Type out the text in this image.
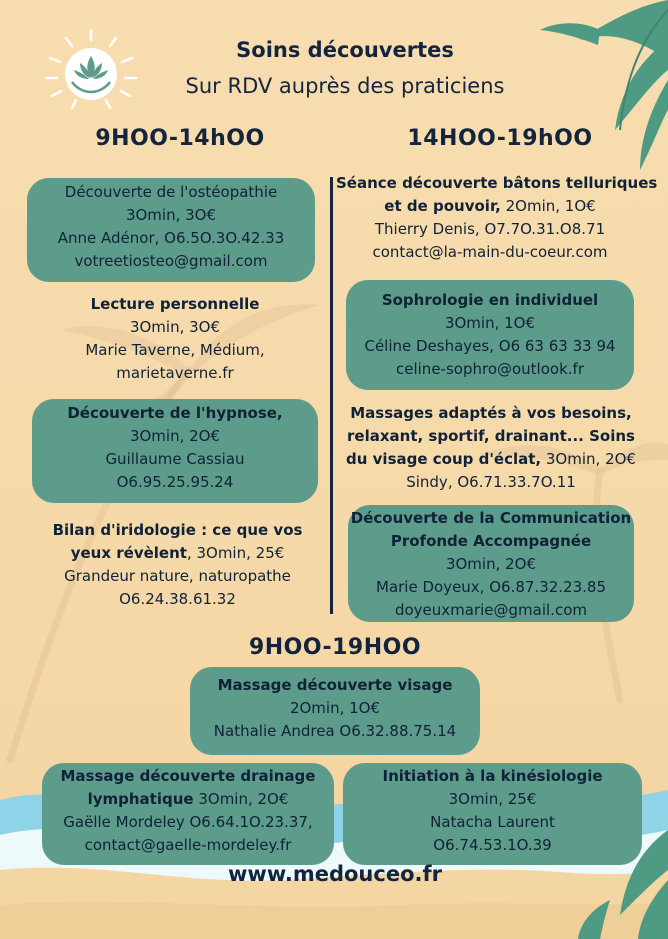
Soins découvertes
Sur RDV auprès des praticiens
9HOO-14hOO
Découverte de l'ostéopathie
3Omin, 3O€
Anne Adénor, O6.5O.3O.42.33
votreetiosteo@gmail.com
Lecture personnelle
3Omin, 3O€
Marie Taverne, Médium,
marietaverne.fr
Découverte de l'hypnose,
3Omin, 2O€
Guillaume Cassiau
O6.95.25.95.24
Bilan d'iridologie : ce que vos
yeux révèlent, 3Omin, 25€
Grandeur nature, naturopathe
O6.24.38.61.32
14HOO-19hOO
Séance découverte bâtons telluriques
et de pouvoir, 2Omin, 1O€
Thierry Denis, O7.7O.31.O8.71
contact@la-main-du-coeur.com
Sophrologie en individuel
3Omin, 1O€
Céline Deshayes, O6 63 63 33 94
celine-sophro@outlook.fr
Massages adaptés à vos besoins,
relaxant, sportif, drainant... Soins
du visage coup d'éclat, 3Omin, 2O€
Sindy, O6.71.33.7O.11
Découverte de la Communication
Profonde Accompagnée
3Omin, 2O€
Marie Doyeux, O6.87.32.23.85
doyeuxmarie@gmail.com
9HOO-19HOO
Massage découverte visage
2Omin, 1O€
Nathalie Andrea O6.32.88.75.14
Massage découverte drainage
lymphatique 3Omin, 2O€
Gaëlle Mordeley O6.64.1O.23.37,
contact@gaelle-mordeley.fr
Initiation à la kinésiologie
3Omin, 25€
Natacha Laurent
O6.74.53.1O.39
www.medouceo.fr
